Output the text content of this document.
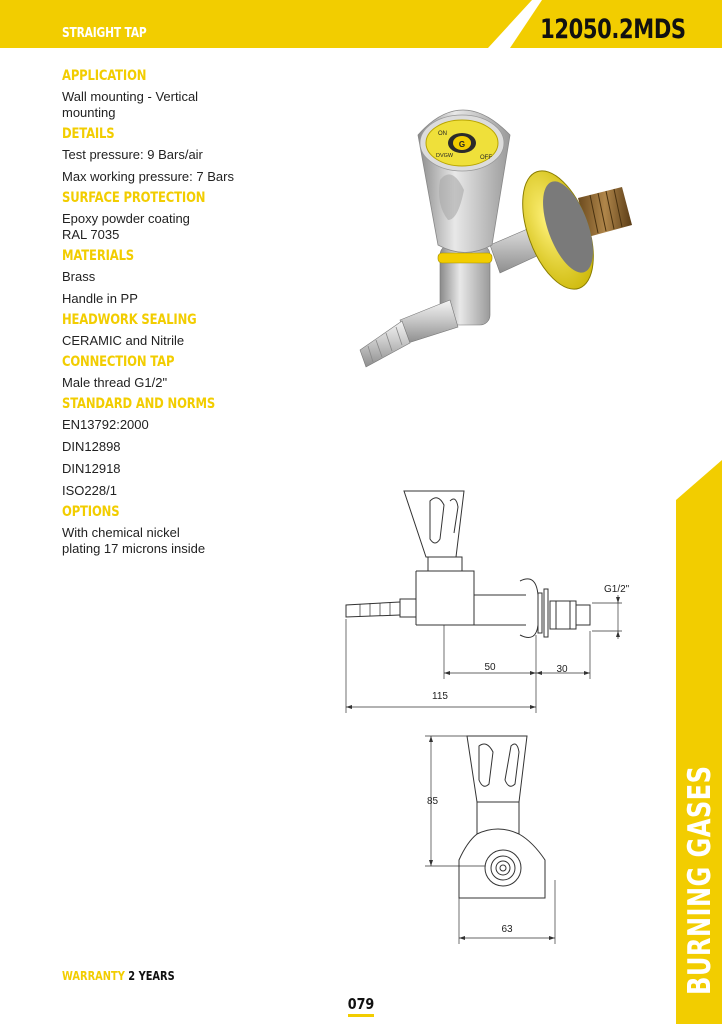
STRAIGHT TAP	12050.2MDS
BURNING GASES
APPLICATION
Wall mounting - Vertical
mounting
DETAILS
Test pressure: 9 Bars/air
Max working pressure: 7 Bars
SURFACE PROTECTION
Epoxy powder coating
RAL 7035
MATERIALS
Brass
Handle in PP
HEADWORK SEALING
CERAMIC and Nitrile
CONNECTION TAP
Male thread G1/2"
STANDARD AND NORMS
EN13792:2000
DIN12898
DIN12918
ISO228/1
OPTIONS
With chemical nickel
plating 17 microns inside
G
ON
OFF
DVGW
G1/2"
50	30
115
85
63
WARRANTY 2 YEARS
079
